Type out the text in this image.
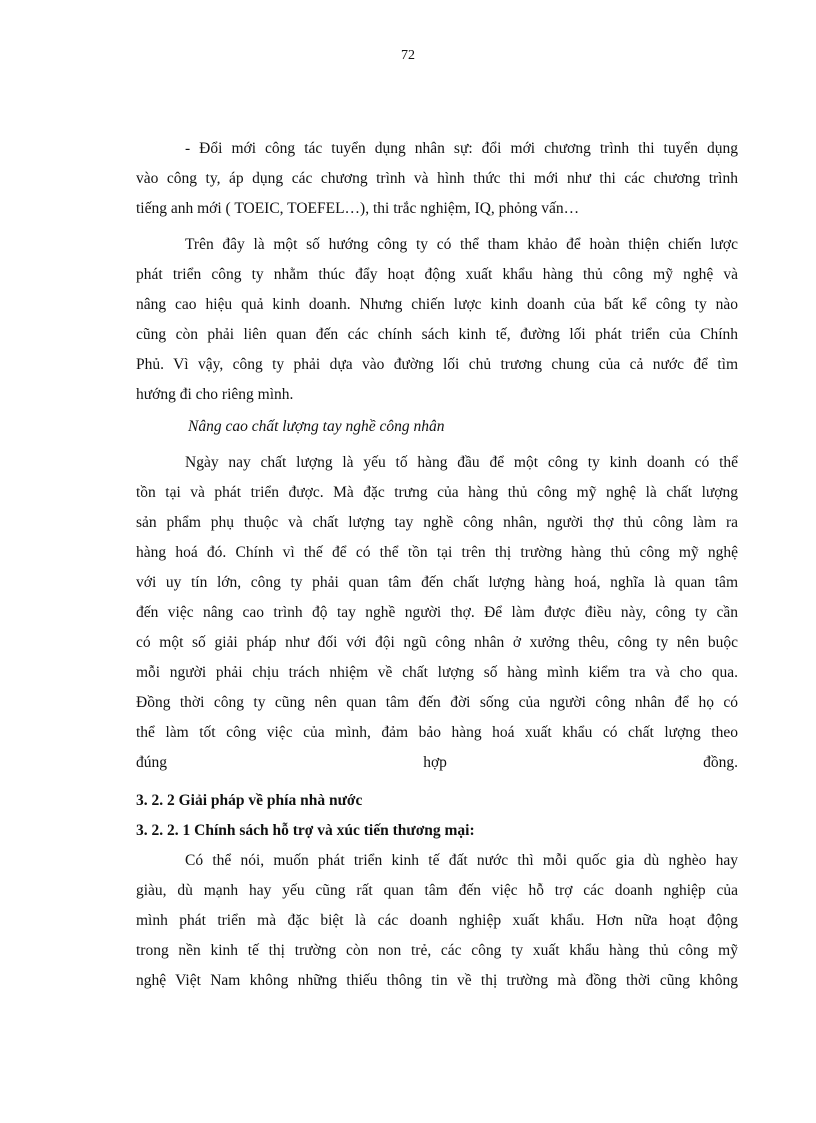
72
- Đổi mới công tác tuyển dụng nhân sự: đổi mới chương trình thi tuyển dụng
vào công ty, áp dụng các chương trình và hình thức thi mới như thi các chương trình
tiếng anh mới ( TOEIC, TOEFEL…), thi trắc nghiệm, IQ, phỏng vấn…
Trên đây là một số hướng công ty có thể tham khảo để hoàn thiện chiến lược
phát triển công ty nhằm thúc đẩy hoạt động xuất khẩu hàng thủ công mỹ nghệ và
nâng cao hiệu quả kinh doanh. Nhưng chiến lược kinh doanh của bất kể công ty nào
cũng còn phải liên quan đến các chính sách kinh tế, đường lối phát triển của Chính
Phủ. Vì vậy, công ty phải dựa vào đường lối chủ trương chung của cả nước để tìm
hướng đi cho riêng mình.
Nâng cao chất lượng tay nghề công nhân
Ngày nay chất lượng là yếu tố hàng đầu để một công ty kinh doanh có thể
tồn tại và phát triển được. Mà đặc trưng của hàng thủ công mỹ nghệ là chất lượng
sản phẩm phụ thuộc và chất lượng tay nghề công nhân, người thợ thủ công làm ra
hàng hoá đó. Chính vì thế để có thể tồn tại trên thị trường hàng thủ công mỹ nghệ
với uy tín lớn, công ty phải quan tâm đến chất lượng hàng hoá, nghĩa là quan tâm
đến việc nâng cao trình độ tay nghề người thợ. Để làm được điều này, công ty cần
có một số giải pháp như đối với đội ngũ công nhân ở xưởng thêu, công ty nên buộc
mỗi người phải chịu trách nhiệm về chất lượng số hàng mình kiểm tra và cho qua.
Đồng thời công ty cũng nên quan tâm đến đời sống của người công nhân để họ có
thể làm tốt công việc của mình, đảm bảo hàng hoá xuất khẩu có chất lượng theo
đúng hợp đồng.
3. 2. 2 Giải pháp về phía nhà nước
3. 2. 2. 1 Chính sách hỗ trợ và xúc tiến thương mại:
Có thể nói, muốn phát triển kinh tế đất nước thì mỗi quốc gia dù nghèo hay
giàu, dù mạnh hay yếu cũng rất quan tâm đến việc hỗ trợ các doanh nghiệp của
mình phát triển mà đặc biệt là các doanh nghiệp xuất khẩu. Hơn nữa hoạt động
trong nền kinh tế thị trường còn non trẻ, các công ty xuất khẩu hàng thủ công mỹ
nghệ Việt Nam không những thiếu thông tin về thị trường mà đồng thời cũng không
